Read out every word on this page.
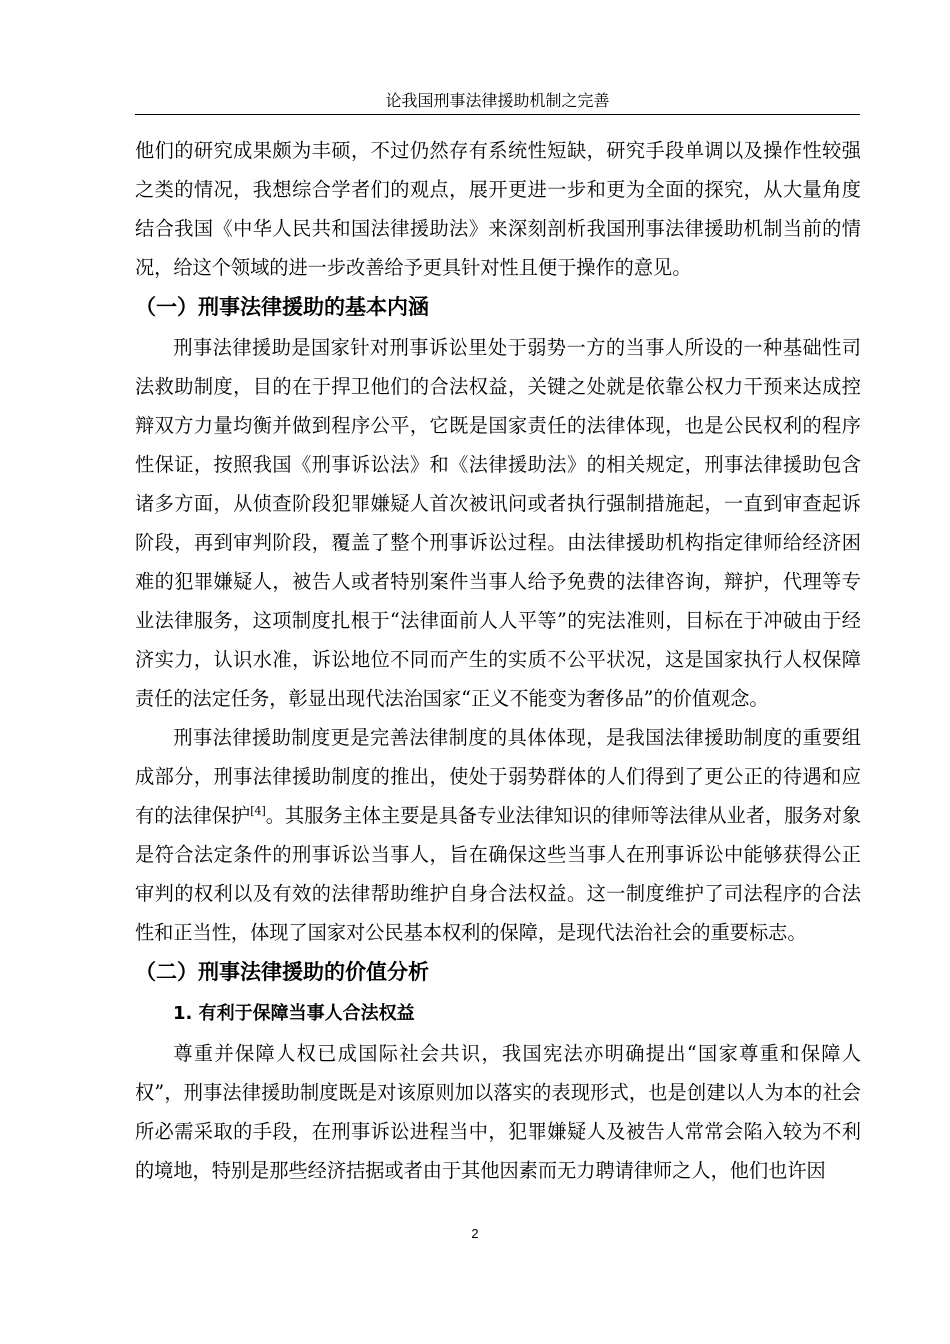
论我国刑事法律援助机制之完善

他们的研究成果颇为丰硕，不过仍然存有系统性短缺，研究手段单调以及操作性较强之类的情况，我想综合学者们的观点，展开更进一步和更为全面的探究，从大量角度结合我国《中华人民共和国法律援助法》来深刻剖析我国刑事法律援助机制当前的情况，给这个领域的进一步改善给予更具针对性且便于操作的意见。

（一）刑事法律援助的基本内涵

刑事法律援助是国家针对刑事诉讼里处于弱势一方的当事人所设的一种基础性司法救助制度，目的在于捍卫他们的合法权益，关键之处就是依靠公权力干预来达成控辩双方力量均衡并做到程序公平，它既是国家责任的法律体现，也是公民权利的程序性保证，按照我国《刑事诉讼法》和《法律援助法》的相关规定，刑事法律援助包含诸多方面，从侦查阶段犯罪嫌疑人首次被讯问或者执行强制措施起，一直到审查起诉阶段，再到审判阶段，覆盖了整个刑事诉讼过程。由法律援助机构指定律师给经济困难的犯罪嫌疑人，被告人或者特别案件当事人给予免费的法律咨询，辩护，代理等专业法律服务，这项制度扎根于“法律面前人人平等”的宪法准则，目标在于冲破由于经济实力，认识水准，诉讼地位不同而产生的实质不公平状况，这是国家执行人权保障责任的法定任务，彰显出现代法治国家“正义不能变为奢侈品”的价值观念。

刑事法律援助制度更是完善法律制度的具体体现，是我国法律援助制度的重要组成部分，刑事法律援助制度的推出，使处于弱势群体的人们得到了更公正的待遇和应有的法律保护[4]。其服务主体主要是具备专业法律知识的律师等法律从业者，服务对象是符合法定条件的刑事诉讼当事人，旨在确保这些当事人在刑事诉讼中能够获得公正审判的权利以及有效的法律帮助维护自身合法权益。这一制度维护了司法程序的合法性和正当性，体现了国家对公民基本权利的保障，是现代法治社会的重要标志。

（二）刑事法律援助的价值分析
1. 有利于保障当事人合法权益

尊重并保障人权已成国际社会共识，我国宪法亦明确提出“国家尊重和保障人权”，刑事法律援助制度既是对该原则加以落实的表现形式，也是创建以人为本的社会所必需采取的手段，在刑事诉讼进程当中，犯罪嫌疑人及被告人常常会陷入较为不利的境地，特别是那些经济拮据或者由于其他因素而无力聘请律师之人，他们也许因

2
